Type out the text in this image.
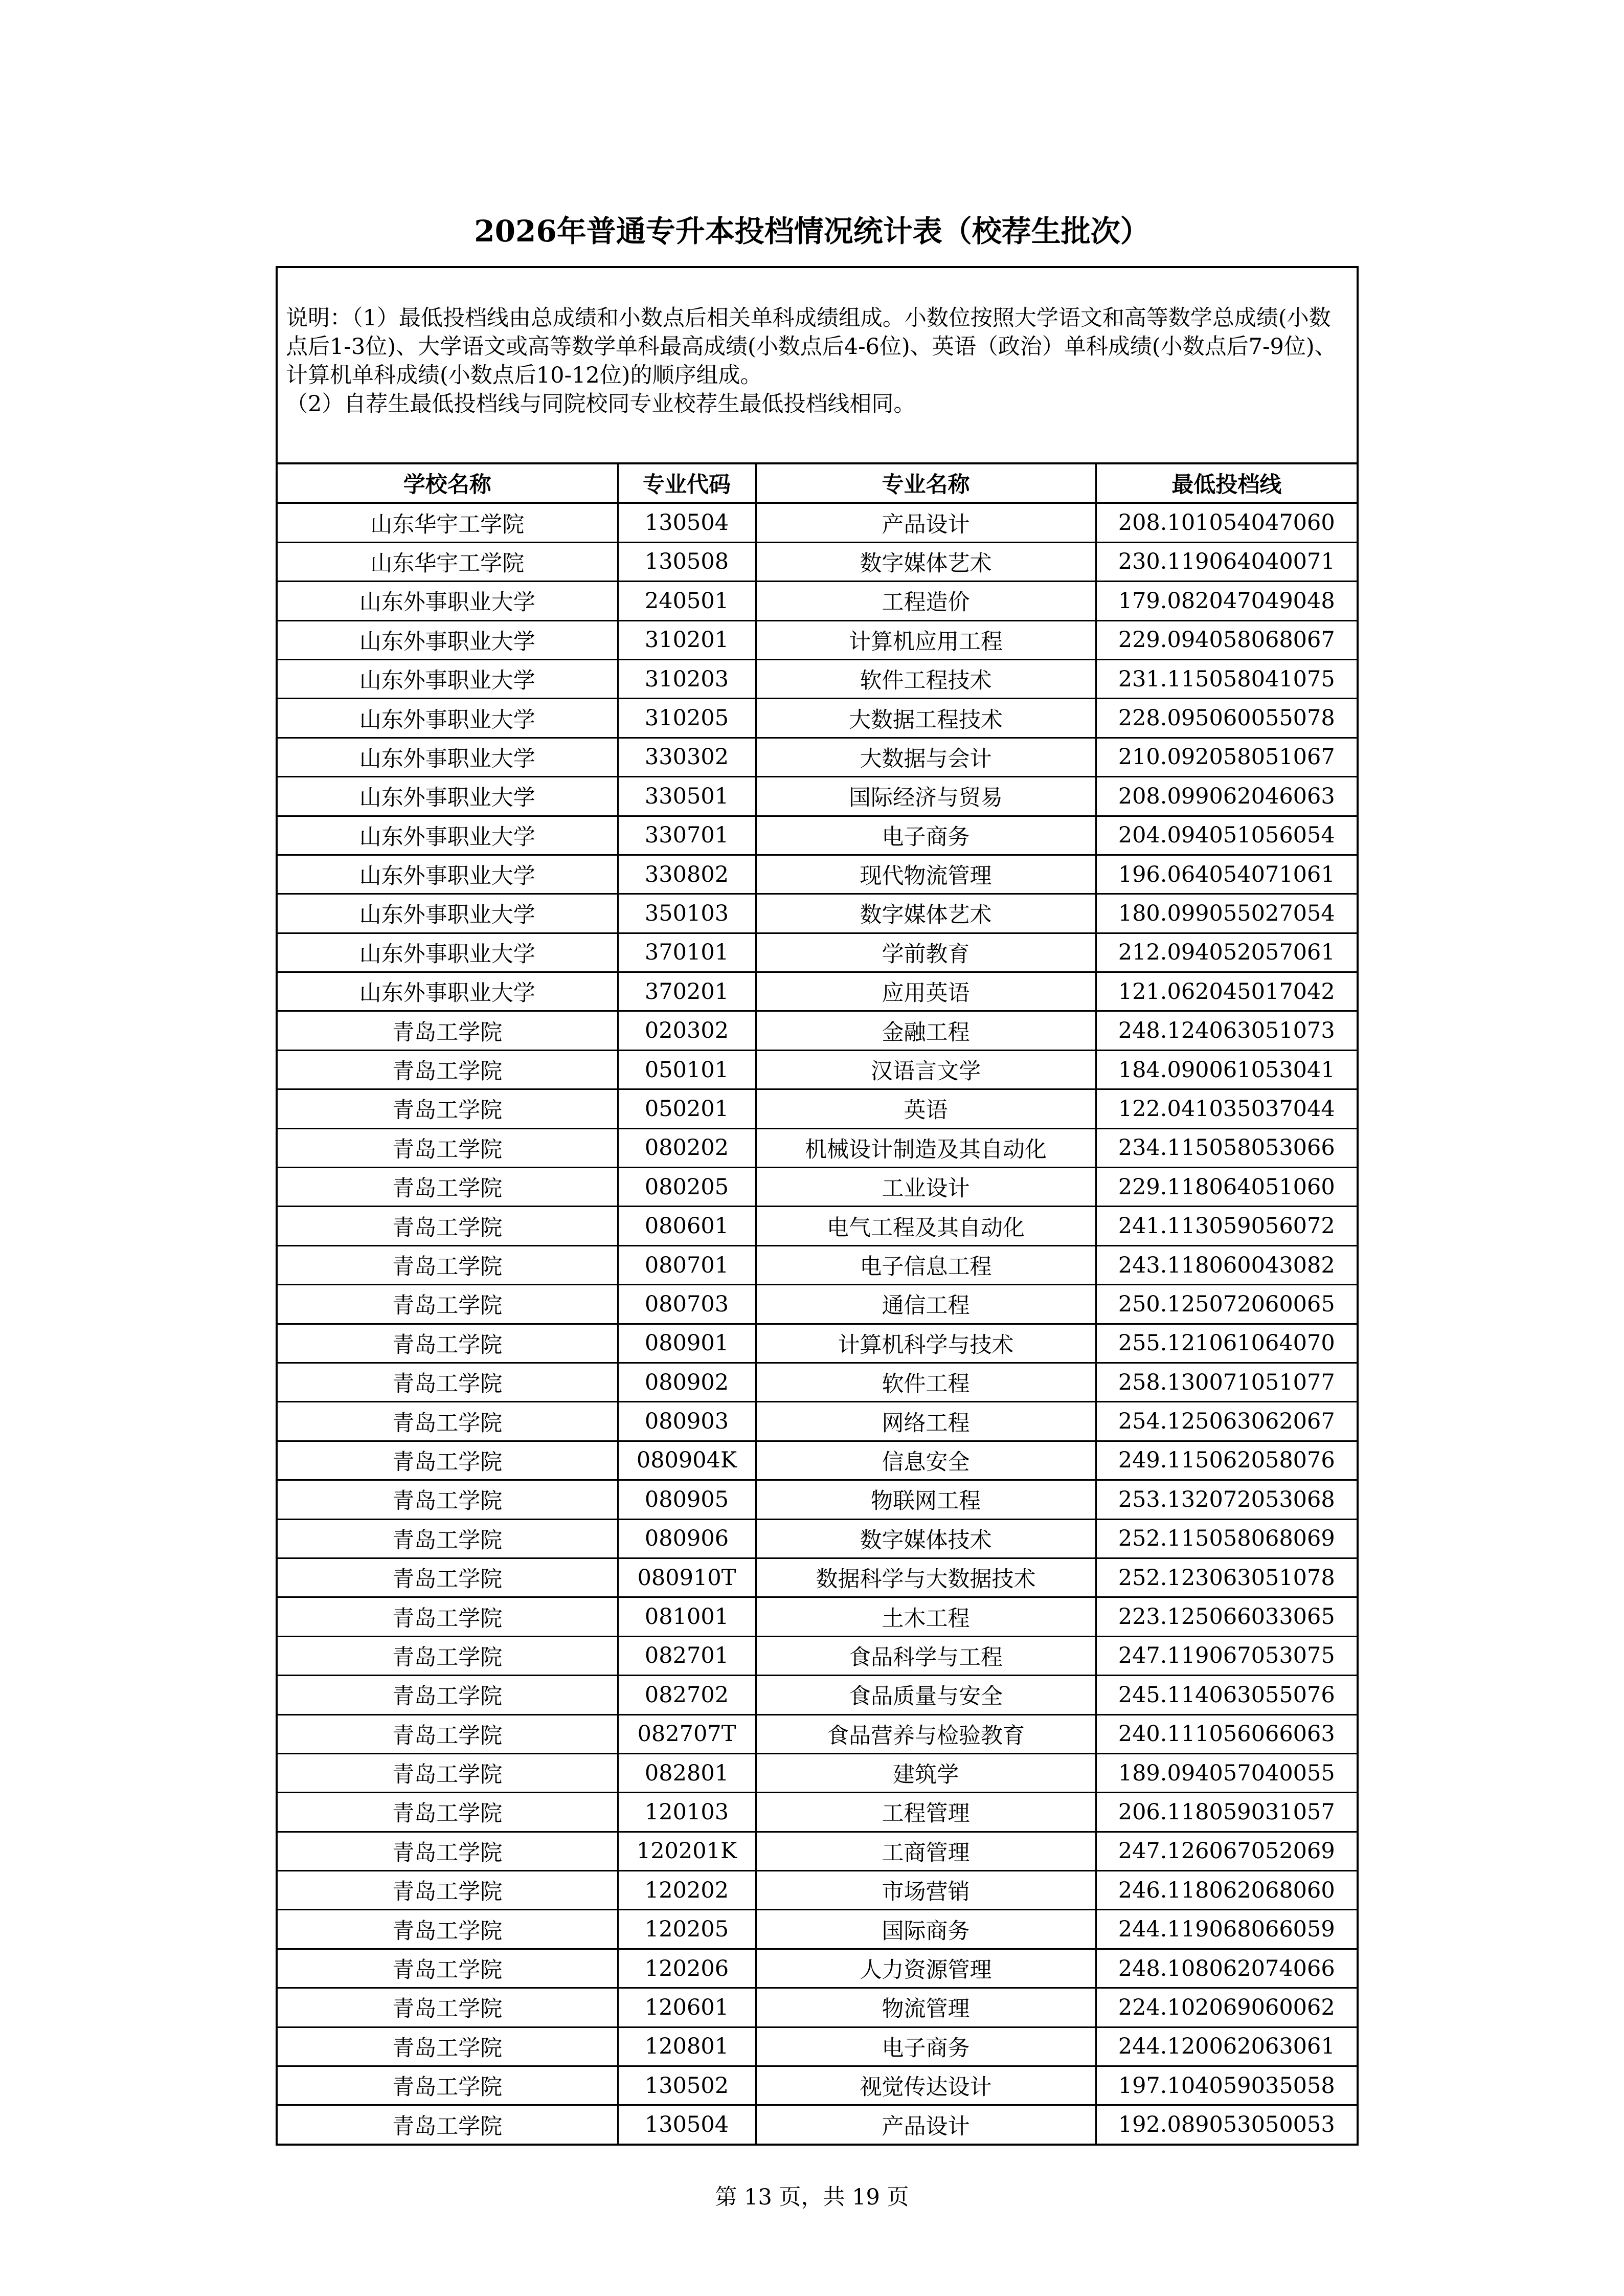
2026年普通专升本投档情况统计表（校荐生批次）

说明：（1）最低投档线由总成绩和小数点后相关单科成绩组成。小数位按照大学语文和高等数学总成绩(小数点后1-3位)、大学语文或高等数学单科最高成绩(小数点后4-6位)、英语（政治）单科成绩(小数点后7-9位)、计算机单科成绩(小数点后10-12位)的顺序组成。

（2）自荐生最低投档线与同院校同专业校荐生最低投档线相同。

学校名称	专业代码	专业名称	最低投档线
山东华宇工学院	130504	产品设计	208.101054047060
山东华宇工学院	130508	数字媒体艺术	230.119064040071
山东外事职业大学	240501	工程造价	179.082047049048
山东外事职业大学	310201	计算机应用工程	229.094058068067
山东外事职业大学	310203	软件工程技术	231.115058041075
山东外事职业大学	310205	大数据工程技术	228.095060055078
山东外事职业大学	330302	大数据与会计	210.092058051067
山东外事职业大学	330501	国际经济与贸易	208.099062046063
山东外事职业大学	330701	电子商务	204.094051056054
山东外事职业大学	330802	现代物流管理	196.064054071061
山东外事职业大学	350103	数字媒体艺术	180.099055027054
山东外事职业大学	370101	学前教育	212.094052057061
山东外事职业大学	370201	应用英语	121.062045017042
青岛工学院	020302	金融工程	248.124063051073
青岛工学院	050101	汉语言文学	184.090061053041
青岛工学院	050201	英语	122.041035037044
青岛工学院	080202	机械设计制造及其自动化	234.115058053066
青岛工学院	080205	工业设计	229.118064051060
青岛工学院	080601	电气工程及其自动化	241.113059056072
青岛工学院	080701	电子信息工程	243.118060043082
青岛工学院	080703	通信工程	250.125072060065
青岛工学院	080901	计算机科学与技术	255.121061064070
青岛工学院	080902	软件工程	258.130071051077
青岛工学院	080903	网络工程	254.125063062067
青岛工学院	080904K	信息安全	249.115062058076
青岛工学院	080905	物联网工程	253.132072053068
青岛工学院	080906	数字媒体技术	252.115058068069
青岛工学院	080910T	数据科学与大数据技术	252.123063051078
青岛工学院	081001	土木工程	223.125066033065
青岛工学院	082701	食品科学与工程	247.119067053075
青岛工学院	082702	食品质量与安全	245.114063055076
青岛工学院	082707T	食品营养与检验教育	240.111056066063
青岛工学院	082801	建筑学	189.094057040055
青岛工学院	120103	工程管理	206.118059031057
青岛工学院	120201K	工商管理	247.126067052069
青岛工学院	120202	市场营销	246.118062068060
青岛工学院	120205	国际商务	244.119068066059
青岛工学院	120206	人力资源管理	248.108062074066
青岛工学院	120601	物流管理	224.102069060062
青岛工学院	120801	电子商务	244.120062063061
青岛工学院	130502	视觉传达设计	197.104059035058
青岛工学院	130504	产品设计	192.089053050053
第 13 页，共 19 页
